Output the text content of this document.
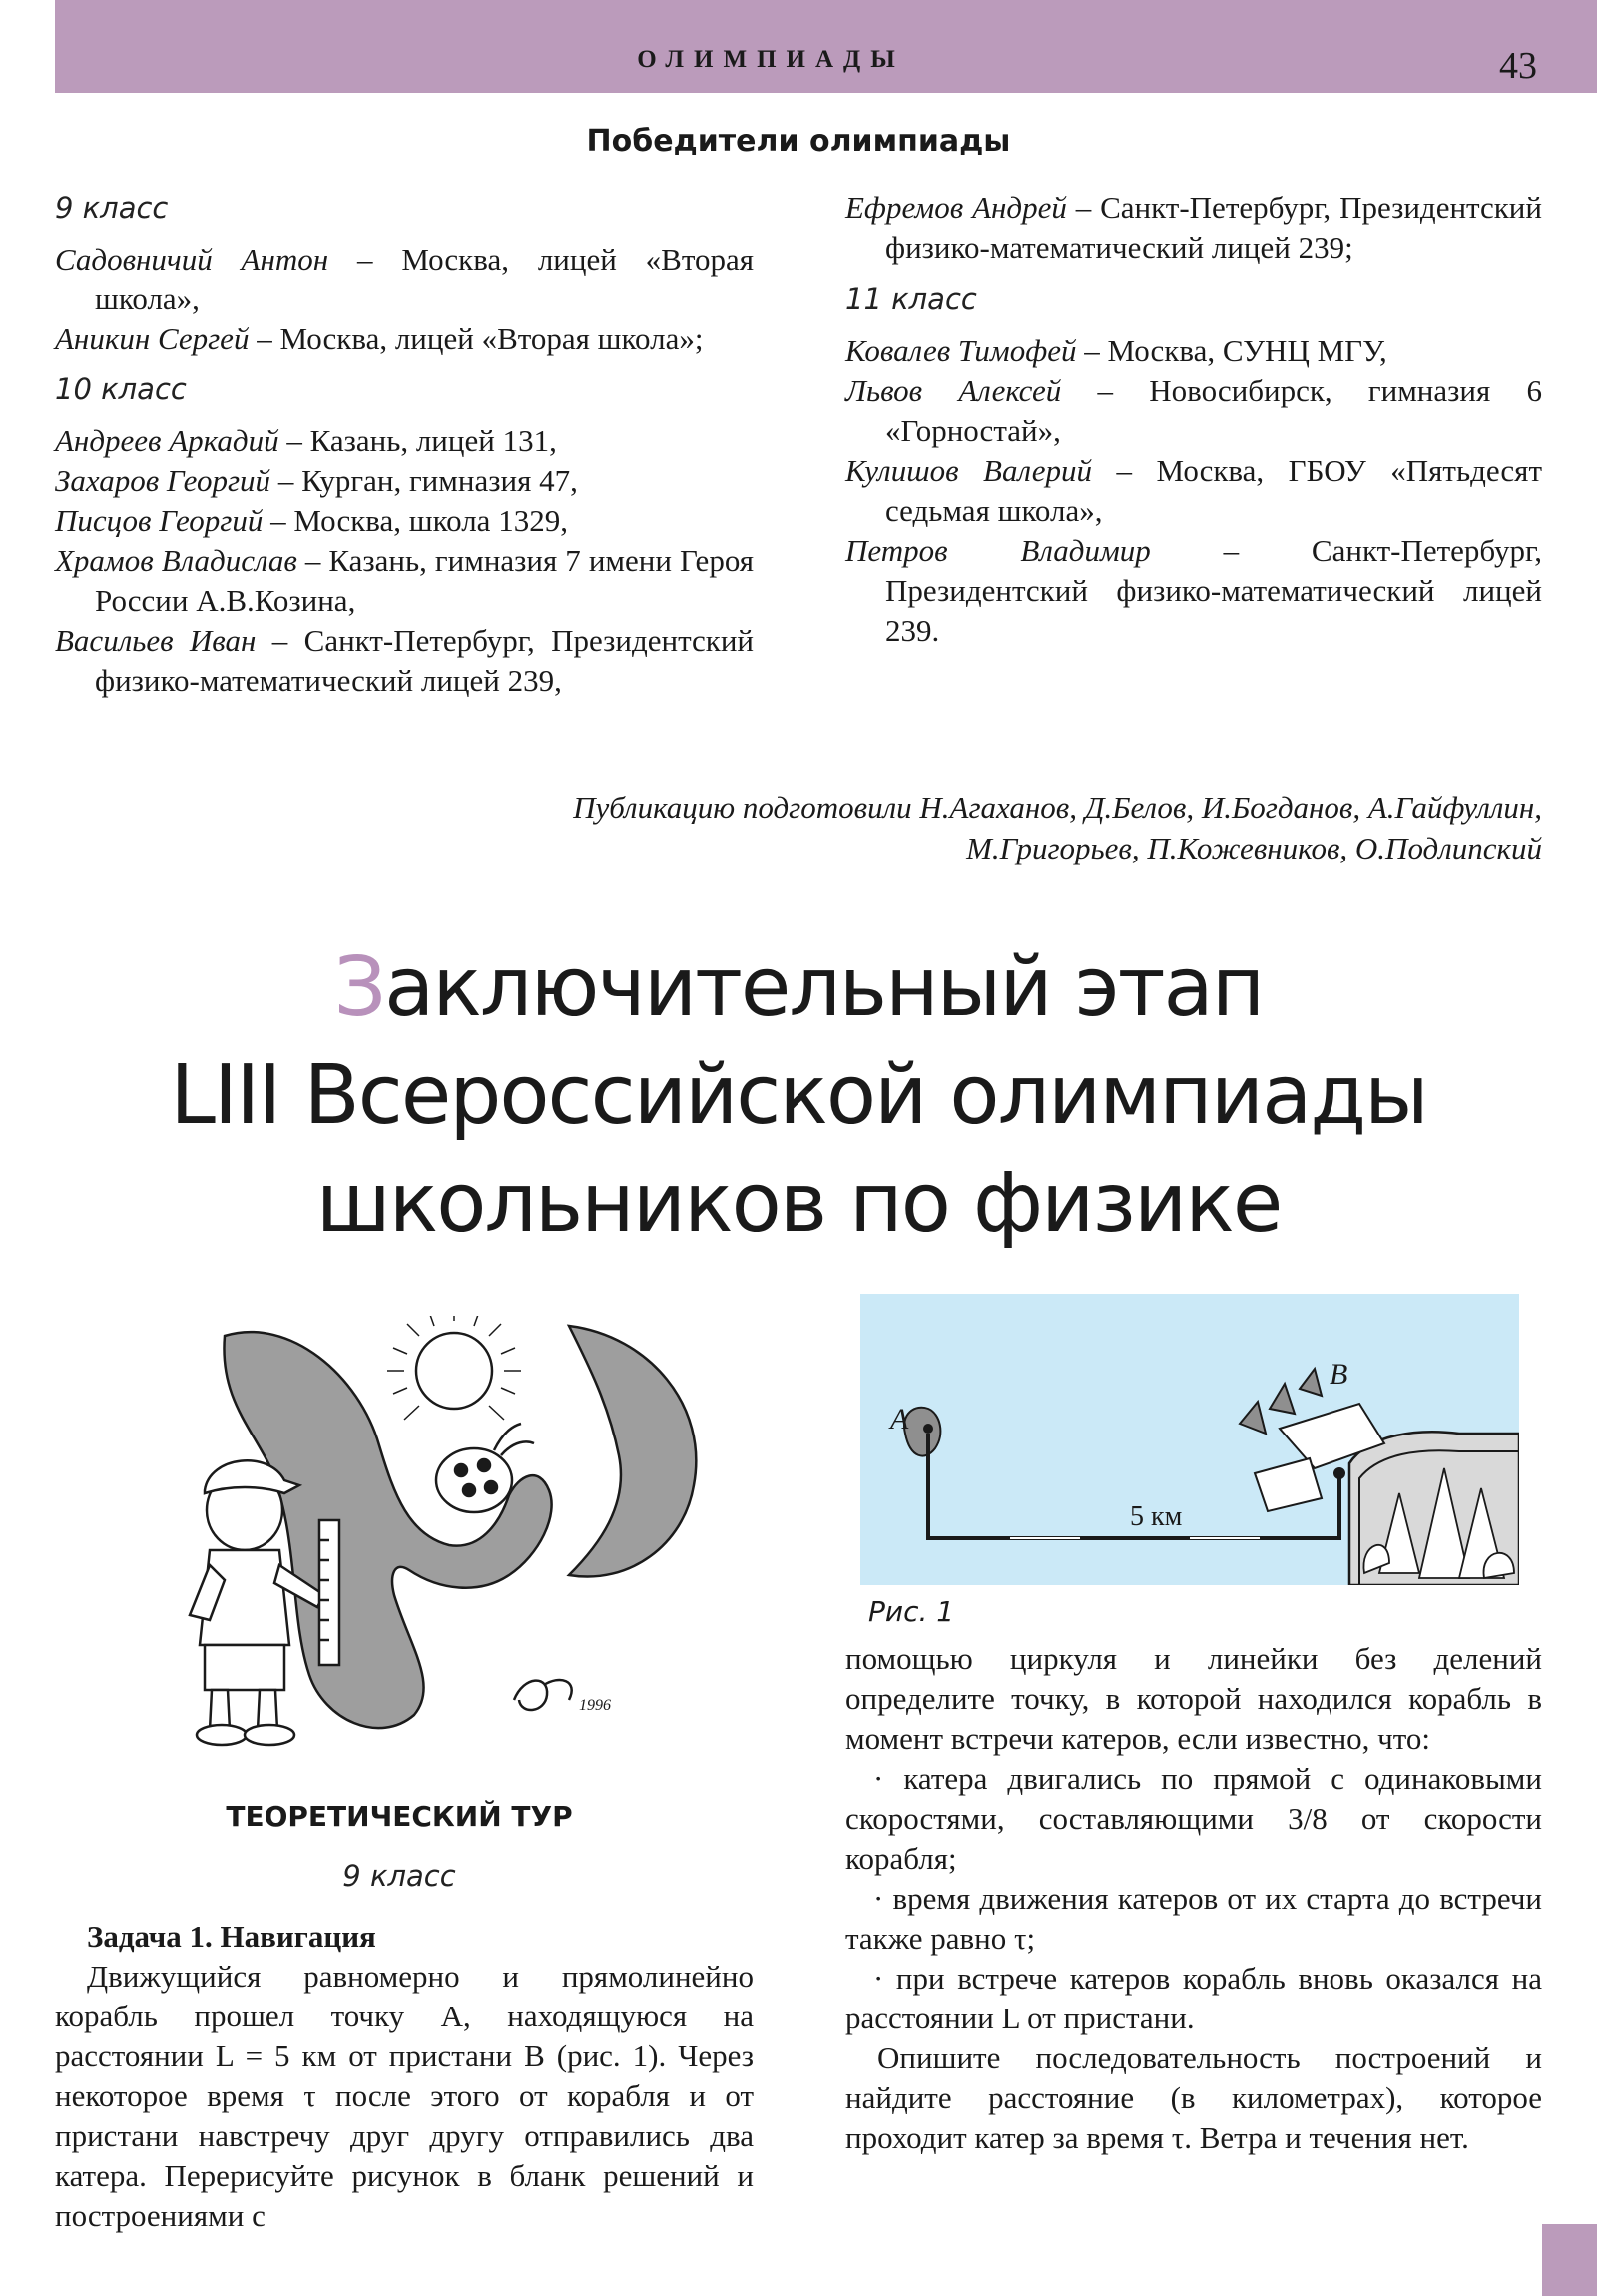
ОЛИМПИАДЫ	43
Победители олимпиады

9 класс

Садовничий Антон – Москва, лицей «Вторая школа»,

Аникин Сергей – Москва, лицей «Вторая школа»;

10 класс

Андреев Аркадий – Казань, лицей 131,

Захаров Георгий – Курган, гимназия 47,

Писцов Георгий – Москва, школа 1329,

Храмов Владислав – Казань, гимназия 7 имени Героя России А.В.Козина,

Васильев Иван – Санкт-Петербург, Президентский физико-математический лицей 239,

Ефремов Андрей – Санкт-Петербург, Президентский физико-математический лицей 239;

11 класс

Ковалев Тимофей – Москва, СУНЦ МГУ,

Львов Алексей – Новосибирск, гимназия 6 «Горностай»,

Кулишов Валерий – Москва, ГБОУ «Пятьдесят седьмая школа»,

Петров Владимир – Санкт-Петербург, Президентский физико-математический лицей 239.

Публикацию подготовили Н.Агаханов, Д.Белов, И.Богданов, А.Гайфуллин,
М.Григорьев, П.Кожевников, О.Подлипский
Заключительный этап
LIII Всероссийской олимпиады
школьников по физике
1996
A
5 км
B
Рис. 1
ТЕОРЕТИЧЕСКИЙ ТУР
9 класс

Задача 1. Навигация

Движущийся равномерно и прямолинейно корабль прошел точку A, находящуюся на расстоянии L = 5 км от пристани B (рис. 1). Через некоторое время τ после этого от корабля и от пристани навстречу друг другу отправились два катера. Перерисуйте рисунок в бланк решений и построениями с

помощью циркуля и линейки без делений определите точку, в которой находился корабль в момент встречи катеров, если известно, что:

· катера двигались по прямой с одинаковыми скоростями, составляющими 3/8 от скорости корабля;

· время движения катеров от их старта до встречи также равно τ;

· при встрече катеров корабль вновь оказался на расстоянии L от пристани.

Опишите последовательность построений и найдите расстояние (в километрах), которое проходит катер за время τ. Ветра и течения нет.
